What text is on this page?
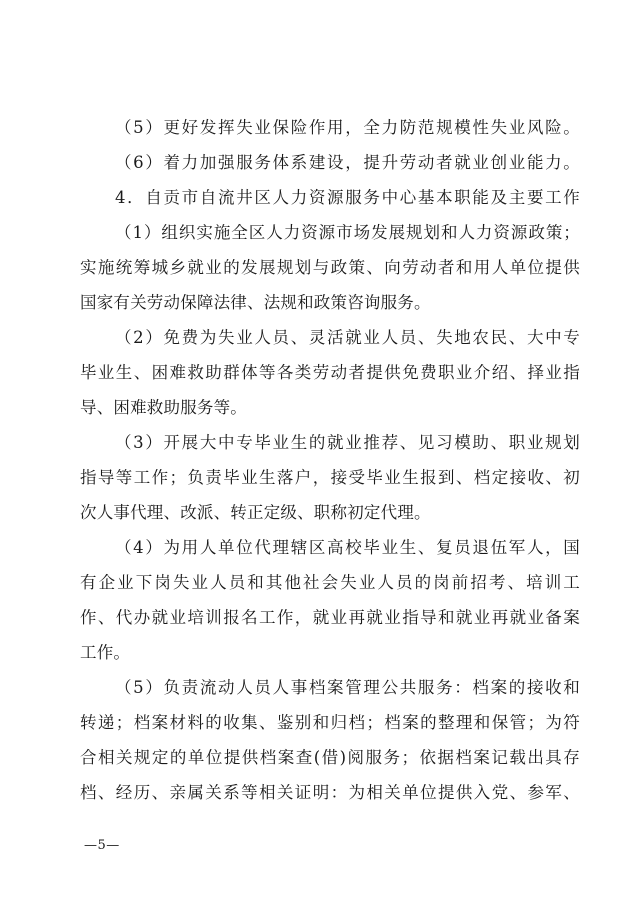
（5）更好发挥失业保险作用，全力防范规模性失业风险。
（6）着力加强服务体系建设，提升劳动者就业创业能力。
4．自贡市自流井区人力资源服务中心基本职能及主要工作
（1）组织实施全区人力资源市场发展规划和人力资源政策；
实施统筹城乡就业的发展规划与政策、向劳动者和用人单位提供
国家有关劳动保障法律、法规和政策咨询服务。
（2）免费为失业人员、灵活就业人员、失地农民、大中专
毕业生、困难救助群体等各类劳动者提供免费职业介绍、择业指
导、困难救助服务等。
（3）开展大中专毕业生的就业推荐、见习模助、职业规划
指导等工作；负责毕业生落户，接受毕业生报到、档定接收、初
次人事代理、改派、转正定级、职称初定代理。
（4）为用人单位代理辖区高校毕业生、复员退伍军人，国
有企业下岗失业人员和其他社会失业人员的岗前招考、培训工
作、代办就业培训报名工作，就业再就业指导和就业再就业备案
工作。
（5）负责流动人员人事档案管理公共服务：档案的接收和
转递；档案材料的收集、鉴别和归档；档案的整理和保管；为符
合相关规定的单位提供档案查(借)阅服务；依据档案记载出具存
档、经历、亲属关系等相关证明：为相关单位提供入党、参军、
—5—
